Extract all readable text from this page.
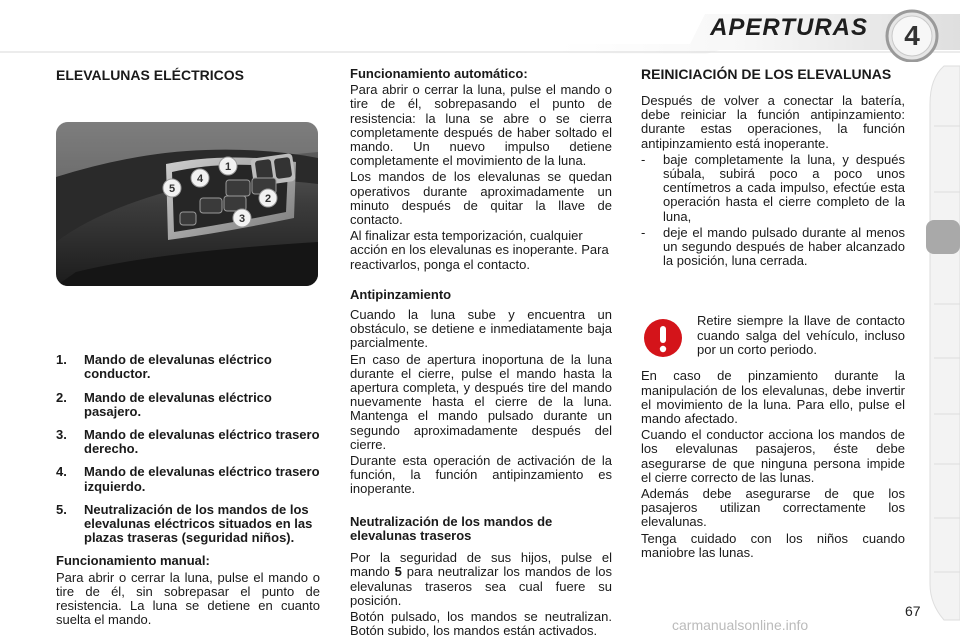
APERTURAS	4
ELEVALUNAS ELÉCTRICOS
1
2
3
4
5
1.	Mando de elevalunas eléctrico conductor.
2.	Mando de elevalunas eléctrico pasajero.
3.	Mando de elevalunas eléctrico trasero derecho.
4.	Mando de elevalunas eléctrico trasero izquierdo.
5.	Neutralización de los mandos de los elevalunas eléctricos situados en las plazas traseras (seguridad niños).
Funcionamiento manual:

Para abrir o cerrar la luna, pulse el mando o tire de él, sin sobrepasar el punto de resistencia. La luna se detiene en cuanto suelta el mando.

Funcionamiento automático:

Para abrir o cerrar la luna, pulse el mando o tire de él, sobrepasando el punto de resistencia: la luna se abre o se cierra completamente después de haber soltado el mando. Un nuevo impulso detiene completamente el movimiento de la luna.

Los mandos de los elevalunas se quedan operativos durante aproximadamente un minuto después de quitar la llave de contacto.

Al finalizar esta temporización, cualquier acción en los elevalunas es inoperante. Para reactivarlos, ponga el contacto.

Antipinzamiento

Cuando la luna sube y encuentra un obstáculo, se detiene e inmediatamente baja parcialmente.

En caso de apertura inoportuna de la luna durante el cierre, pulse el mando hasta la apertura completa, y después tire del mando nuevamente hasta el cierre de la luna. Mantenga el mando pulsado durante un segundo aproximadamente después del cierre.

Durante esta operación de activación de la función, la función antipinzamiento es inoperante.

Neutralización de los mandos de elevalunas traseros

Por la seguridad de sus hijos, pulse el mando 5 para neutralizar los mandos de los elevalunas traseros sea cual fuere su posición.

Botón pulsado, los mandos se neutralizan. Botón subido, los mandos están activados.

REINICIACIÓN DE LOS ELEVALUNAS

Después de volver a conectar la batería, debe reiniciar la función antipinzamiento: durante estas operaciones, la función antipinzamiento está inoperante.

-	baje completamente la luna, y después súbala, subirá poco a poco unos centímetros a cada impulso, efectúe esta operación hasta el cierre completo de la luna,
-	deje el mando pulsado durante al menos un segundo después de haber alcanzado la posición, luna cerrada.

Retire siempre la llave de contacto cuando salga del vehículo, incluso por un corto periodo.

En caso de pinzamiento durante la manipulación de los elevalunas, debe invertir el movimiento de la luna. Para ello, pulse el mando afectado.

Cuando el conductor acciona los mandos de los elevalunas pasajeros, éste debe asegurarse de que ninguna persona impide el cierre correcto de las lunas.

Además debe asegurarse de que los pasajeros utilizan correctamente los elevalunas.

Tenga cuidado con los niños cuando maniobre las lunas.

67
carmanualsonline.info
